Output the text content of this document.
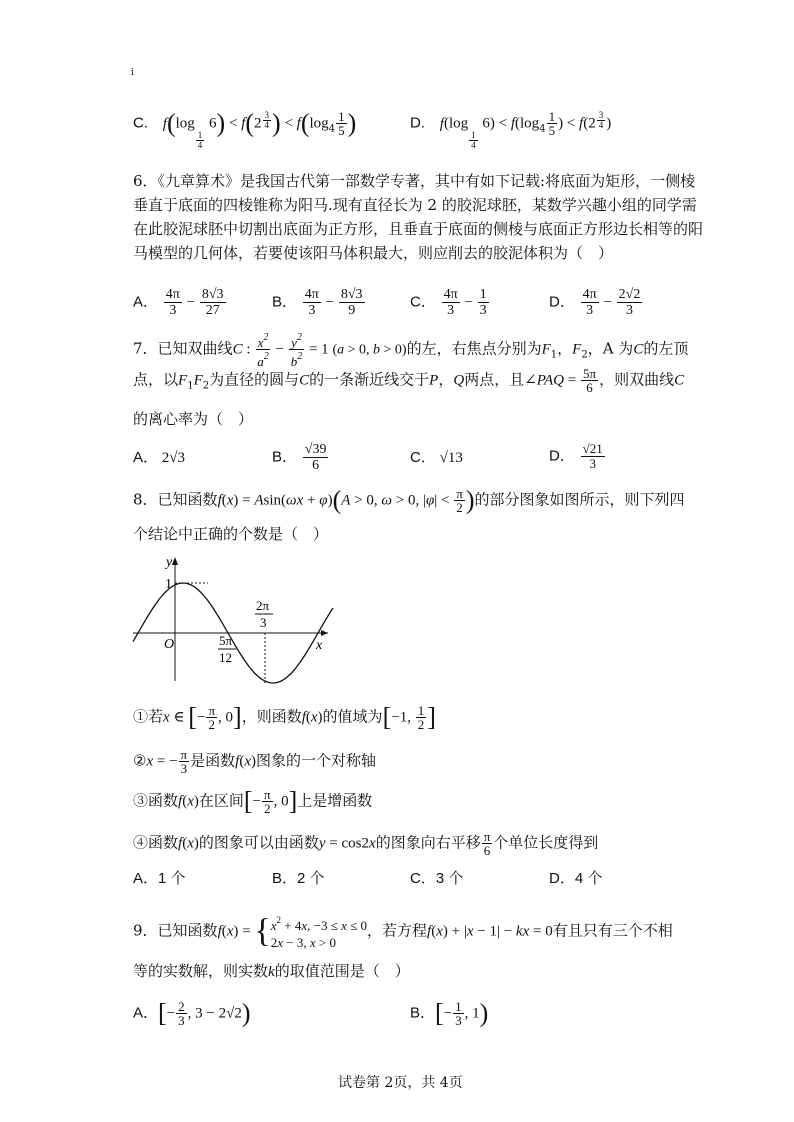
i
C. f(log
$\frac{1}{4}$
$6) < f(2 \frac{3}{4}$ ) < $f(\log_4 \frac{1}{5}$ )	D. f(log
$\frac{1}{4}$
$6) < f(\log_4 \frac{1}{5}$ ) < $f(2 \frac{3}{4}$ )
6．《九章算术》是我国古代第一部数学专著，其中有如下记载:将底面为矩形，一侧棱
垂直于底面的四棱锥称为阳马.现有直径长为 2 的胶泥球胚，某数学兴趣小组的同学需
在此胶泥球胚中切割出底面为正方形，且垂直于底面的侧棱与底面正方形边长相等的阳
马模型的几何体，若要使该阳马体积最大，则应削去的胶泥体积为（　）
A． $\frac{4\pi}{3} - \frac{8√3}{27}$	B． $\frac{4\pi}{3} - \frac{8√3}{9}$	C． $\frac{4\pi}{3} - \frac{1}{3}$	D． $\frac{4\pi}{3} - \frac{2√2}{3}$
7．已知双曲线C : $\frac{x^2}{a^2} - \frac{y^2}{b^2} = 1$ (a > 0, b > 0)的左，右焦点分别为$F_1$，$F_2$，A 为C的左顶
点，以$F_1F_2$为直径的圆与C的一条渐近线交于P，Q两点，且∠PAQ = $\frac{5\pi}{6}$ ，则双曲线C
的离心率为（　）
A． 2√3	B． $\frac{√39}{6}$	C． √13	D． $\frac{√21}{3}$
8．已知函数f(x) = Asin(ωx + φ)(A > 0, ω > 0, $|\varphi| < \frac{\pi}{2}$ )的部分图象如图所示，则下列四
个结论中正确的个数是（　）
y
x
O
1
2π
3
5π
12
①若x ∈ [− $\frac{\pi}{2}$ , 0]，则函数f(x)的值域为[−1, $\frac{1}{2}$ ]
②x = − $\frac{\pi}{3}$ 是函数f(x)图象的一个对称轴
③函数f(x)在区间[− $\frac{\pi}{2}$ , 0]上是增函数
④函数f(x)的图象可以由函数y = cos2x的图象向右平移 $\frac{\pi}{6}$ 个单位长度得到
A．1 个	B．2 个	C．3 个	D．4 个
9．已知函数f(x) = { $x^2 + 4x$, −3 ≤ x ≤ 0
2x − 3, x > 0
，若方程f(x) + |x − 1| − kx = 0有且只有三个不相
等的实数解，则实数k的取值范围是（　）
A．[− $\frac{2}{3}$ , 3 − 2√2)	B．[− $\frac{1}{3}$ , 1)
试卷第 2页，共 4页
